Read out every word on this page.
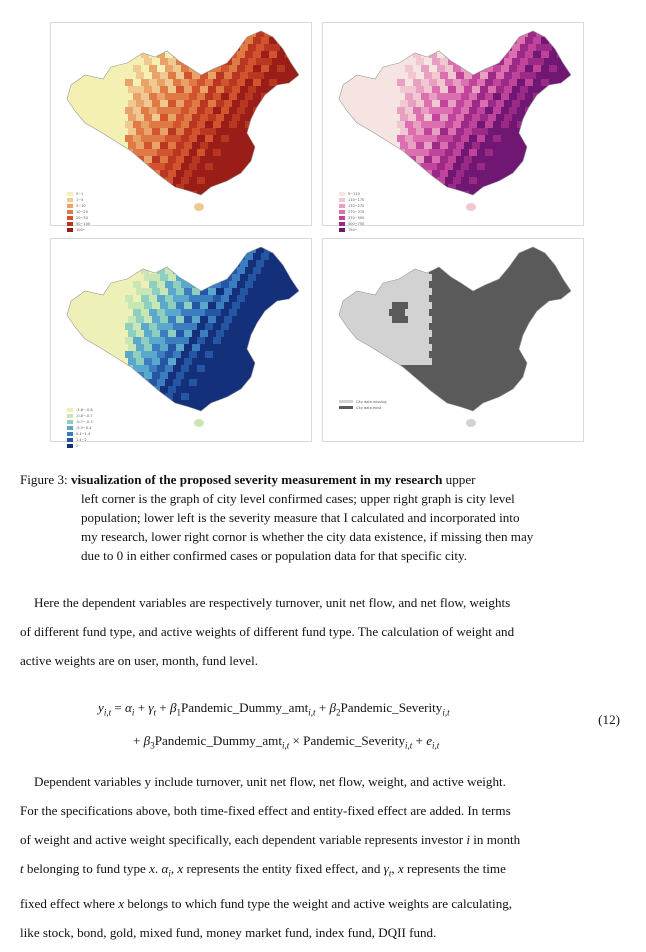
0~1
1~5
5~10
10~20
20~50
50~100
100~
0~110
110~170
170~270
270~370
370~500
500~750
750~
-3.6~-0.8
-0.8~-0.7
-0.7~-0.3
-0.3~0.4
0.4~1.4
1.4~2
2~
City data missing
City data exist
Figure 3: visualization of the proposed severity measurement in my research upper
left corner is the graph of city level confirmed cases; upper right graph is city level
population; lower left is the severity measure that I calculated and incorporated into
my research, lower right cornor is whether the city data existence, if missing then may
due to 0 in either confirmed cases or population data for that specific city.
Here the dependent variables are respectively turnover, unit net flow, and net flow, weights
of different fund type, and active weights of different fund type. The calculation of weight and
active weights are on user, month, fund level.
$y_{i,t} = \alpha_i + \gamma_t$ + $\beta_1Pandemic\_Dummy\_amt_{i,t}$ + $\beta_2Pandemic\_Severity_{i,t}$
+ $\beta_3Pandemic\_Dummy\_amt_{i,t}$ × Pandemic_Severity$_{i,t}$ + $e_{i,t}$
(12)
Dependent variables y include turnover, unit net flow, net flow, weight, and active weight.
For the specifications above, both time-fixed effect and entity-fixed effect are added. In terms
of weight and active weight specifically, each dependent variable represents investor i in month
t belonging to fund type x. $\alpha_i$, x represents the entity fixed effect, and $\gamma_t$, x represents the time
fixed effect where x belongs to which fund type the weight and active weights are calculating,
like stock, bond, gold, mixed fund, money market fund, index fund, DQII fund.
